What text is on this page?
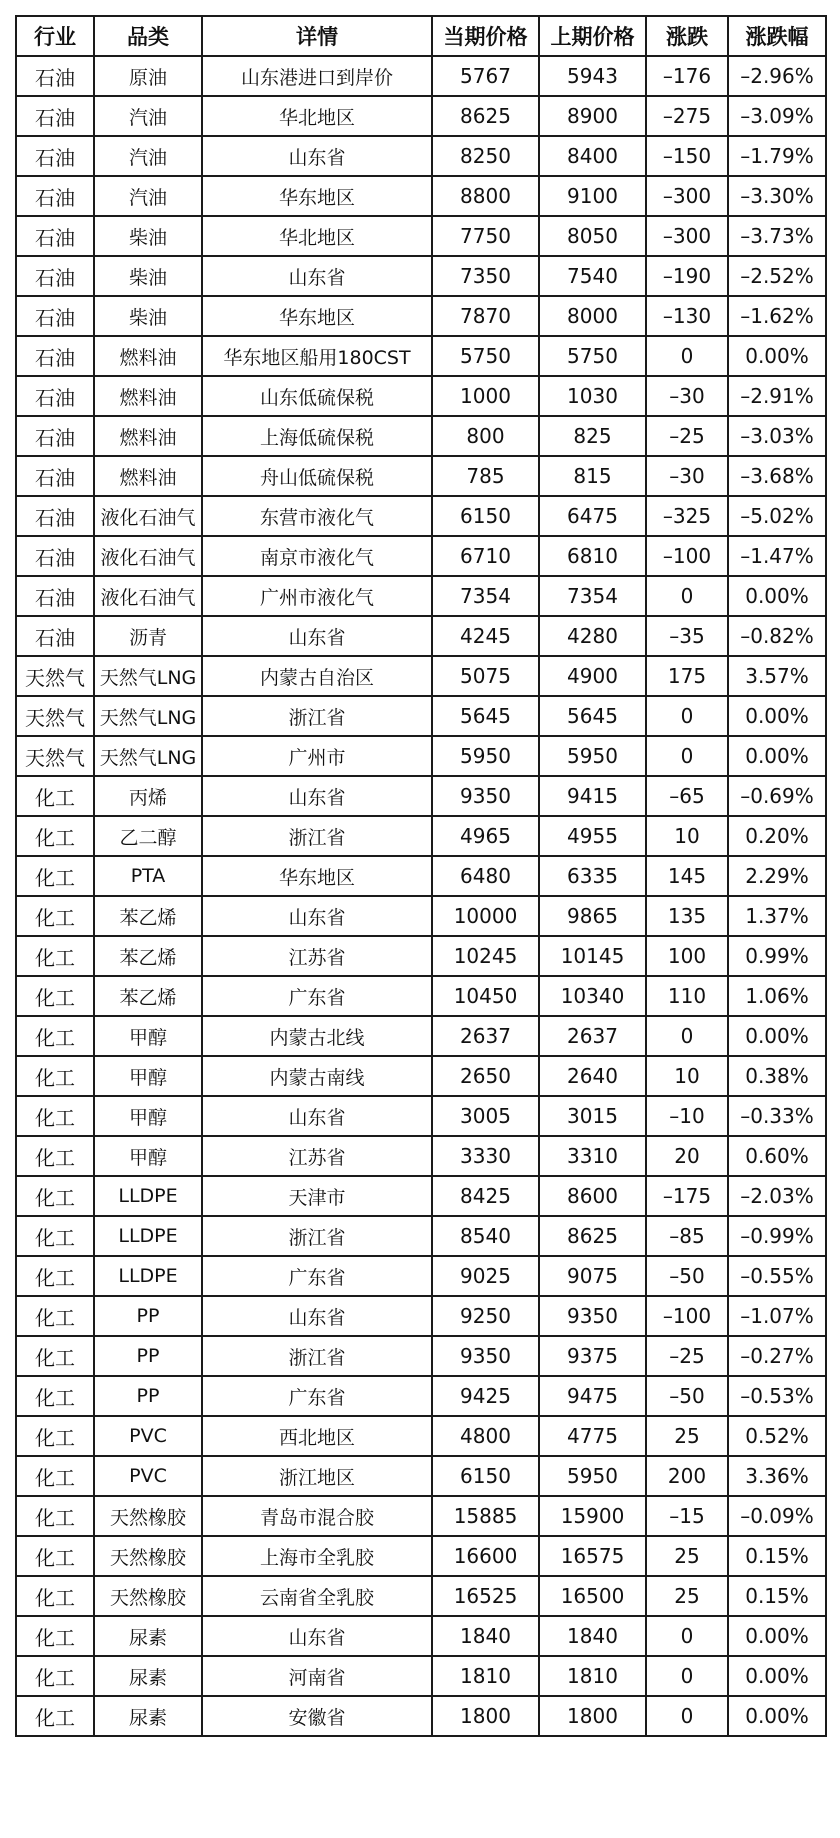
行业	品类	详情	当期价格	上期价格	涨跌	涨跌幅
石油	原油	山东港进口到岸价	5767	5943	–176	–2.96%
石油	汽油	华北地区	8625	8900	–275	–3.09%
石油	汽油	山东省	8250	8400	–150	–1.79%
石油	汽油	华东地区	8800	9100	–300	–3.30%
石油	柴油	华北地区	7750	8050	–300	–3.73%
石油	柴油	山东省	7350	7540	–190	–2.52%
石油	柴油	华东地区	7870	8000	–130	–1.62%
石油	燃料油	华东地区船用180CST	5750	5750	0	0.00%
石油	燃料油	山东低硫保税	1000	1030	–30	–2.91%
石油	燃料油	上海低硫保税	800	825	–25	–3.03%
石油	燃料油	舟山低硫保税	785	815	–30	–3.68%
石油	液化石油气	东营市液化气	6150	6475	–325	–5.02%
石油	液化石油气	南京市液化气	6710	6810	–100	–1.47%
石油	液化石油气	广州市液化气	7354	7354	0	0.00%
石油	沥青	山东省	4245	4280	–35	–0.82%
天然气	天然气LNG	内蒙古自治区	5075	4900	175	3.57%
天然气	天然气LNG	浙江省	5645	5645	0	0.00%
天然气	天然气LNG	广州市	5950	5950	0	0.00%
化工	丙烯	山东省	9350	9415	–65	–0.69%
化工	乙二醇	浙江省	4965	4955	10	0.20%
化工	PTA	华东地区	6480	6335	145	2.29%
化工	苯乙烯	山东省	10000	9865	135	1.37%
化工	苯乙烯	江苏省	10245	10145	100	0.99%
化工	苯乙烯	广东省	10450	10340	110	1.06%
化工	甲醇	内蒙古北线	2637	2637	0	0.00%
化工	甲醇	内蒙古南线	2650	2640	10	0.38%
化工	甲醇	山东省	3005	3015	–10	–0.33%
化工	甲醇	江苏省	3330	3310	20	0.60%
化工	LLDPE	天津市	8425	8600	–175	–2.03%
化工	LLDPE	浙江省	8540	8625	–85	–0.99%
化工	LLDPE	广东省	9025	9075	–50	–0.55%
化工	PP	山东省	9250	9350	–100	–1.07%
化工	PP	浙江省	9350	9375	–25	–0.27%
化工	PP	广东省	9425	9475	–50	–0.53%
化工	PVC	西北地区	4800	4775	25	0.52%
化工	PVC	浙江地区	6150	5950	200	3.36%
化工	天然橡胶	青岛市混合胶	15885	15900	–15	–0.09%
化工	天然橡胶	上海市全乳胶	16600	16575	25	0.15%
化工	天然橡胶	云南省全乳胶	16525	16500	25	0.15%
化工	尿素	山东省	1840	1840	0	0.00%
化工	尿素	河南省	1810	1810	0	0.00%
化工	尿素	安徽省	1800	1800	0	0.00%
